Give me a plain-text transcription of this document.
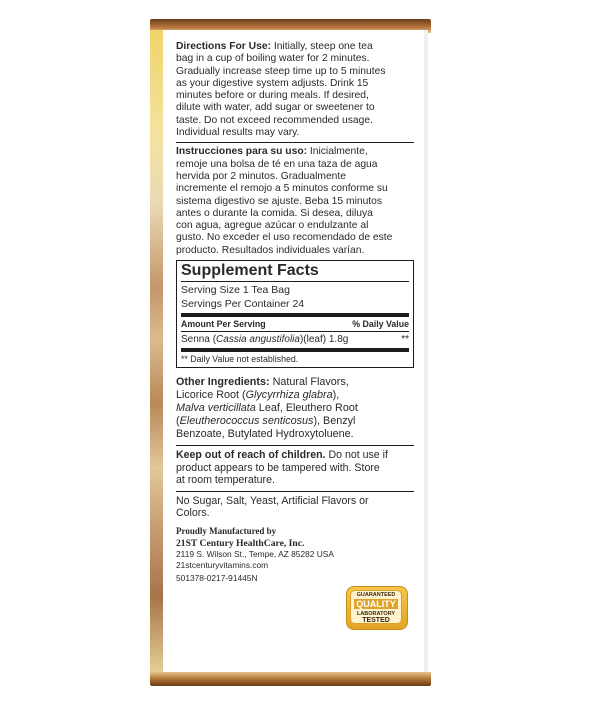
Directions For Use: Initially, steep one tea
bag in a cup of boiling water for 2 minutes.
Gradually increase steep time up to 5 minutes
as your digestive system adjusts. Drink 15
minutes before or during meals. If desired,
dilute with water, add sugar or sweetener to
taste. Do not exceed recommended usage.
Individual results may vary.

Instrucciones para su uso: Inicialmente,
remoje una bolsa de té en una taza de agua
hervida por 2 minutos. Gradualmente
incremente el remojo a 5 minutos conforme su
sistema digestivo se ajuste. Beba 15 minutos
antes o durante la comida. Si desea, diluya
con agua, agregue azúcar o endulzante al
gusto. No exceder el uso recomendado de este
producto. Resultados individuales varían.

Supplement Facts
Serving Size 1 Tea Bag
Servings Per Container 24
Amount Per Serving	% Daily Value
Senna (Cassia angustifolia)(leaf) 1.8g	**
** Daily Value not established.

Other Ingredients: Natural Flavors,
Licorice Root (Glycyrrhiza glabra),
Malva verticillata Leaf, Eleuthero Root
(Eleutherococcus senticosus), Benzyl
Benzoate, Butylated Hydroxytoluene.

Keep out of reach of children. Do not use if
product appears to be tampered with. Store
at room temperature.

No Sugar, Salt, Yeast, Artificial Flavors or
Colors.

Proudly Manufactured by
21ST Century HealthCare, Inc.
2119 S. Wilson St., Tempe, AZ 85282 USA
21stcenturyvitamins.com
501378-0217-91445N
GUARANTEED
QUALITY
LABORATORY
TESTED
